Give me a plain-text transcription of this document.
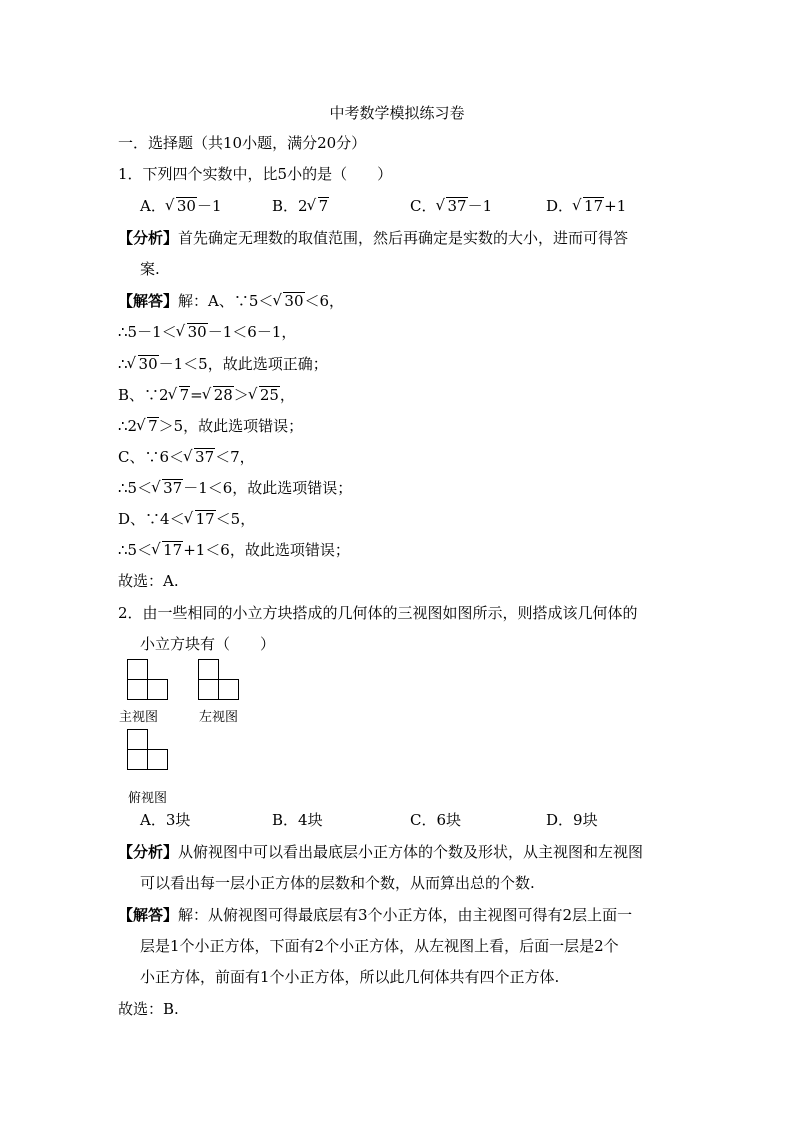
中考数学模拟练习卷
一．选择题（共10小题，满分20分）
1．下列四个实数中，比5小的是（　　）
A． √ 30－1	B．2 √ 7	C． √ 37－1	D． √ 17+1
【分析】首先确定无理数的取值范围，然后再确定是实数的大小，进而可得答
案.
【解答】解：A、∵5＜ √ 30＜6，
∴5－1＜ √ 30－1＜6－1，
∴ √ 30－1＜5，故此选项正确；
B、∵2 √ 7= √ 28＞ √ 25，
∴2 √ 7＞5，故此选项错误；
C、∵6＜ √ 37＜7，
∴5＜ √ 37－1＜6，故此选项错误；
D、∵4＜ √ 17＜5，
∴5＜ √ 17+1＜6，故此选项错误；
故选：A.
2．由一些相同的小立方块搭成的几何体的三视图如图所示，则搭成该几何体的
小立方块有（　　）
主视图	左视图
俯视图
A．3块	B．4块	C．6块	D．9块
【分析】从俯视图中可以看出最底层小正方体的个数及形状，从主视图和左视图
可以看出每一层小正方体的层数和个数，从而算出总的个数.
【解答】解：从俯视图可得最底层有3个小正方体，由主视图可得有2层上面一
层是1个小正方体，下面有2个小正方体，从左视图上看，后面一层是2个
小正方体，前面有1个小正方体，所以此几何体共有四个正方体.
故选：B.
